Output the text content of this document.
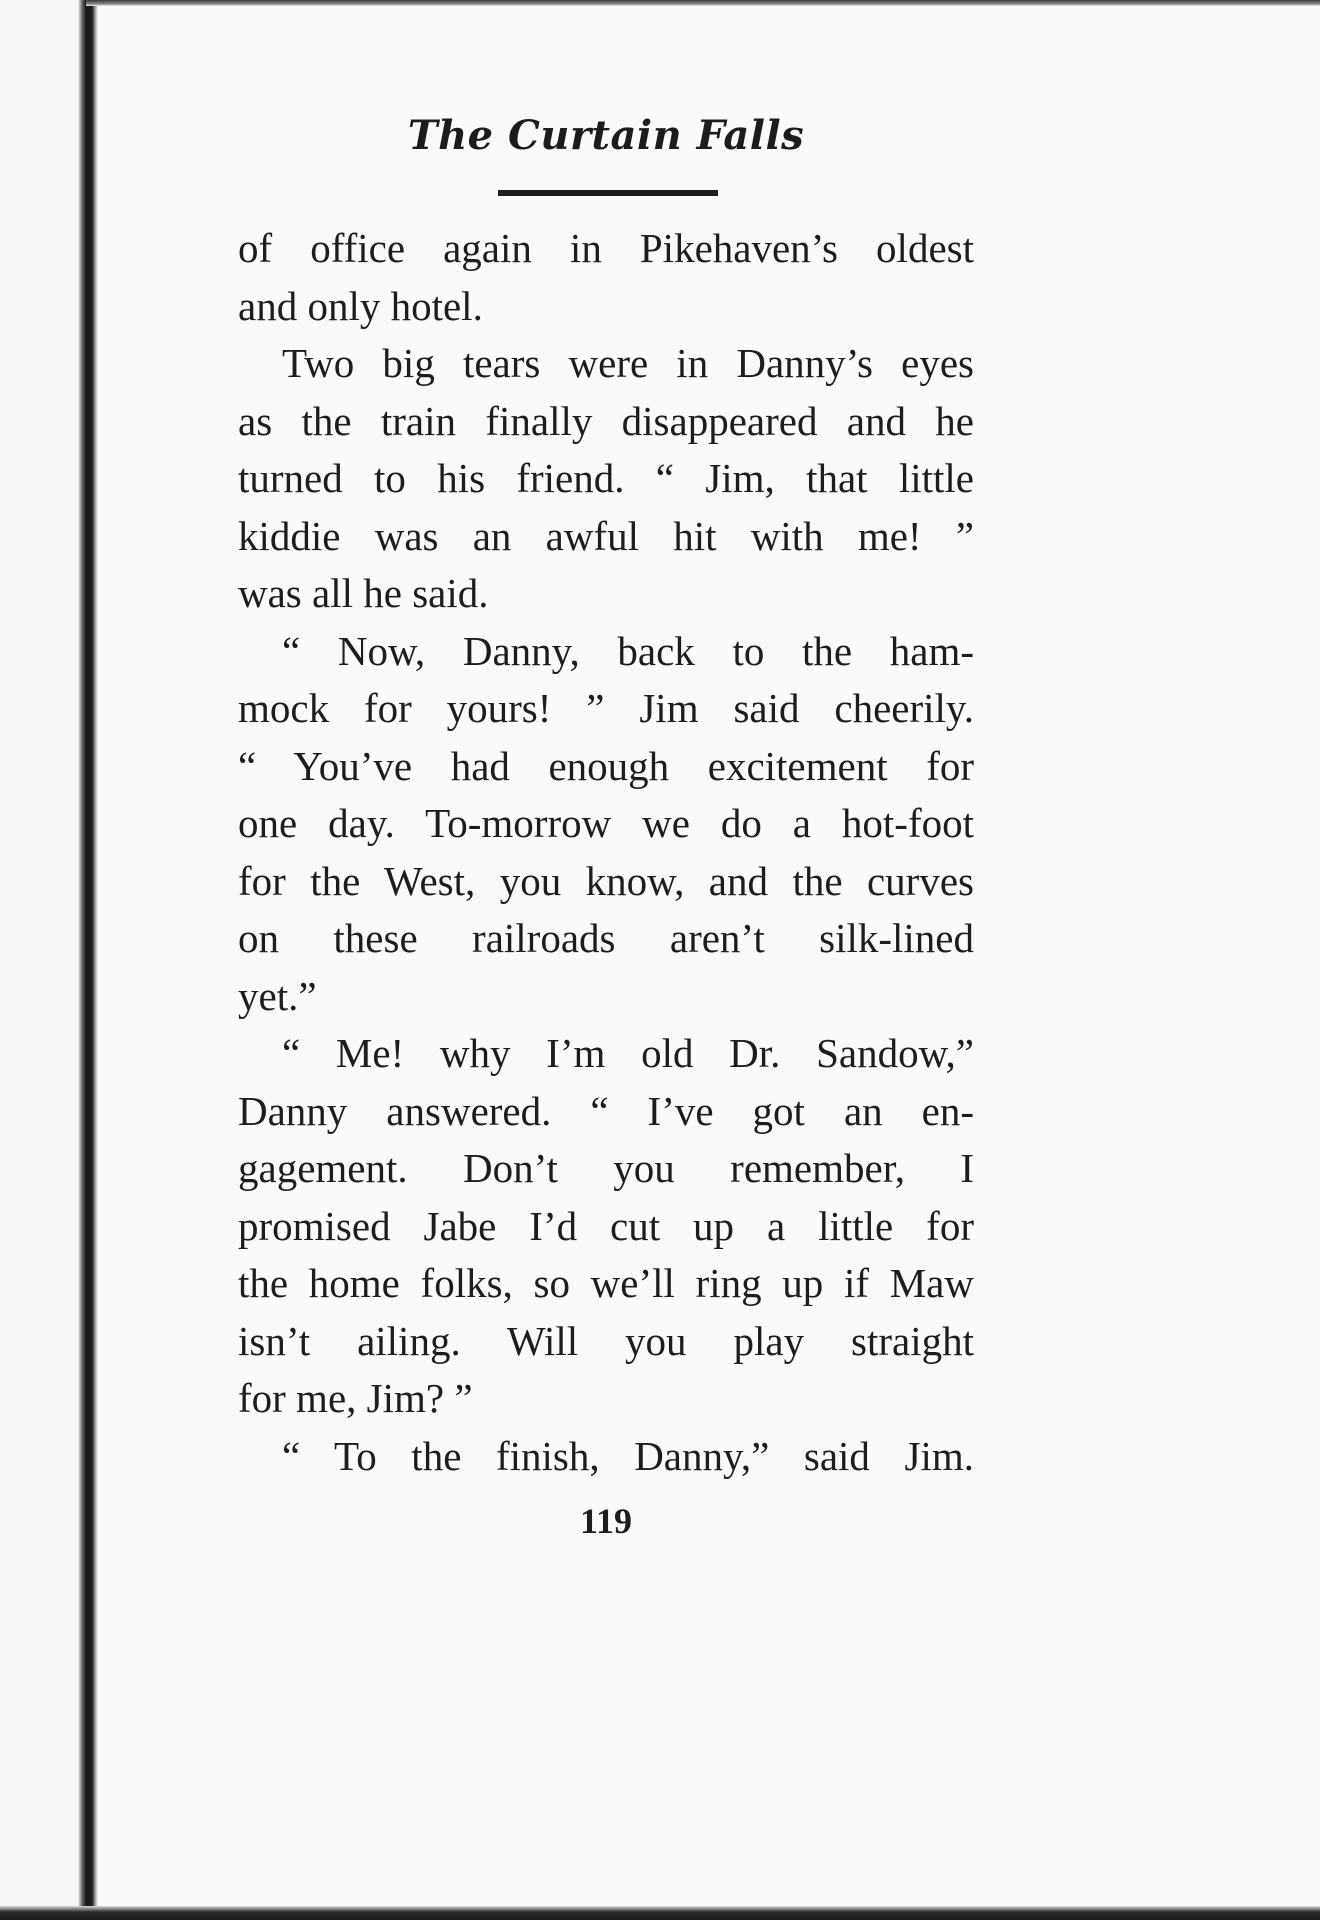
The Curtain Falls
of office again in Pikehaven’s oldest
and only hotel.
Two big tears were in Danny’s eyes
as the train finally disappeared and he
turned to his friend. “ Jim, that little
kiddie was an awful hit with me! ”
was all he said.
“ Now, Danny, back to the ham-
mock for yours! ” Jim said cheerily.
“ You’ve had enough excitement for
one day. To-morrow we do a hot-foot
for the West, you know, and the curves
on these railroads aren’t silk-lined
yet.”
“ Me! why I’m old Dr. Sandow,”
Danny answered. “ I’ve got an en-
gagement. Don’t you remember, I
promised Jabe I’d cut up a little for
the home folks, so we’ll ring up if Maw
isn’t ailing. Will you play straight
for me, Jim? ”
“ To the finish, Danny,” said Jim.
119
